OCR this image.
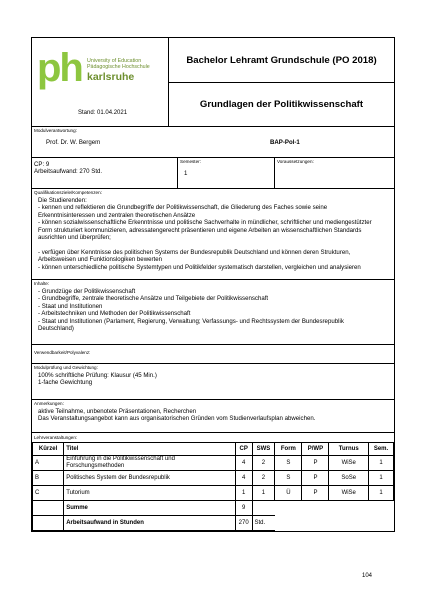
ph University of Education
Pädagogische Hochschule
karlsruhe
Stand: 01.04.2021
Bachelor Lehramt Grundschule (PO 2018)
Grundlagen der Politikwissenschaft
Modulverantwortung:
Prof. Dr. W. Bergem	BAP-Pol-1
CP: 9
Arbeitsaufwand: 270 Std.
Semester:
1
Voraussetzungen:
Qualifikationsziele/Kompetenzen:
Die Studierenden:
- kennen und reflektieren die Grundbegriffe der Politikwissenschaft, die Gliederung des Faches sowie seine
Erkenntnisinteressen und zentralen theoretischen Ansätze
- können sozialwissenschaftliche Erkenntnisse und politische Sachverhalte in mündlicher, schriftlicher und mediengestützter
Form strukturiert kommunizieren, adressatengerecht präsentieren und eigene Arbeiten an wissenschaftlichen Standards
ausrichten und überprüfen;

- verfügen über Kenntnisse des politischen Systems der Bundesrepublik Deutschland und können deren Strukturen,
Arbeitsweisen und Funktionslogiken bewerten
- können unterschiedliche politische Systemtypen und Politikfelder systematisch darstellen, vergleichen und analysieren
Inhalte:
- Grundzüge der Politikwissenschaft
- Grundbegriffe, zentrale theoretische Ansätze und Teilgebiete der Politikwissenschaft
- Staat und Institutionen
- Arbeitstechniken und Methoden der Politikwissenschaft
- Staat und Institutionen (Parlament, Regierung, Verwaltung; Verfassungs- und Rechtssystem der Bundesrepublik
Deutschland)
Verwendbarkeit/Polyvalenz:
Modulprüfung und Gewichtung:
100% schriftliche Prüfung: Klausur (45 Min.)
1-fache Gewichtung
Anmerkungen:
aktive Teilnahme, unbenotete Präsentationen, Recherchen
Das Veranstaltungsangebot kann aus organisatorischen Gründen vom Studienverlaufsplan abweichen.
Lehrveranstaltungen:
Kürzel	Titel	CP	SWS	Form	P/WP	Turnus	Sem.
A	Einführung in die Politikwissenschaft und Forschungsmethoden	4	2	S	P	WiSe	1
B	Politisches System der Bundesrepublik	4	2	S	P	SoSe	1
C	Tutorium	1	1	Ü	P	WiSe	1
	Summe	9					
	Arbeitsaufwand in Stunden	270	Std.				
104
